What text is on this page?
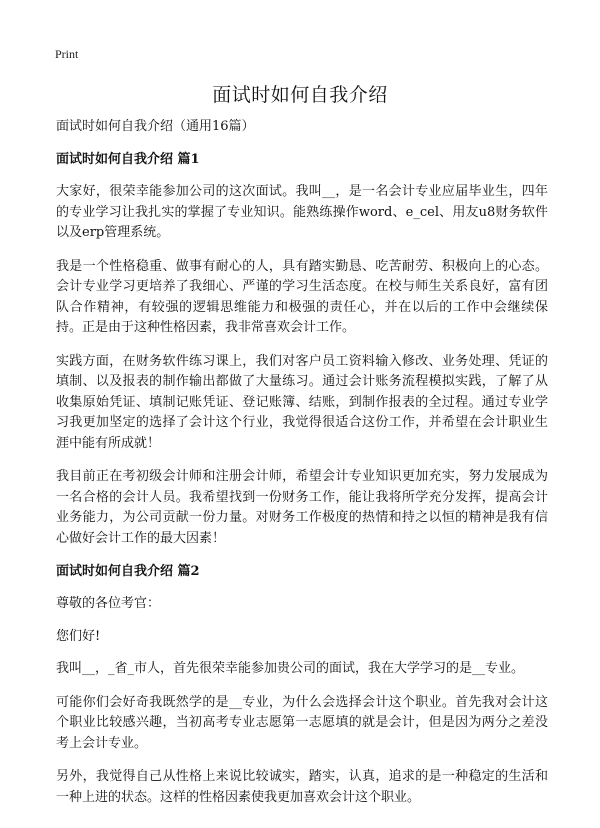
Print
面试时如何自我介绍
面试时如何自我介绍（通用16篇）
面试时如何自我介绍 篇1

大家好，很荣幸能参加公司的这次面试。我叫__，是一名会计专业应届毕业生，四年的专业学习让我扎实的掌握了专业知识。能熟练操作word、e_cel、用友u8财务软件以及erp管理系统。

我是一个性格稳重、做事有耐心的人，具有踏实勤恳、吃苦耐劳、积极向上的心态。会计专业学习更培养了我细心、严谨的学习生活态度。在校与师生关系良好，富有团队合作精神，有较强的逻辑思维能力和极强的责任心，并在以后的工作中会继续保持。正是由于这种性格因素，我非常喜欢会计工作。

实践方面，在财务软件练习课上，我们对客户员工资料输入修改、业务处理、凭证的填制、以及报表的制作输出都做了大量练习。通过会计账务流程模拟实践，了解了从收集原始凭证、填制记账凭证、登记账簿、结账，到制作报表的全过程。通过专业学习我更加坚定的选择了会计这个行业，我觉得很适合这份工作，并希望在会计职业生涯中能有所成就！

我目前正在考初级会计师和注册会计师，希望会计专业知识更加充实，努力发展成为一名合格的会计人员。我希望找到一份财务工作，能让我将所学充分发挥，提高会计业务能力，为公司贡献一份力量。对财务工作极度的热情和持之以恒的精神是我有信心做好会计工作的最大因素！

面试时如何自我介绍 篇2

尊敬的各位考官：

您们好!

我叫__，_省_市人，首先很荣幸能参加贵公司的面试，我在大学学习的是__专业。

可能你们会好奇我既然学的是__专业，为什么会选择会计这个职业。首先我对会计这个职业比较感兴趣，当初高考专业志愿第一志愿填的就是会计，但是因为两分之差没考上会计专业。

另外，我觉得自己从性格上来说比较诚实，踏实，认真，追求的是一种稳定的生活和一种上进的状态。这样的性格因素使我更加喜欢会计这个职业。
